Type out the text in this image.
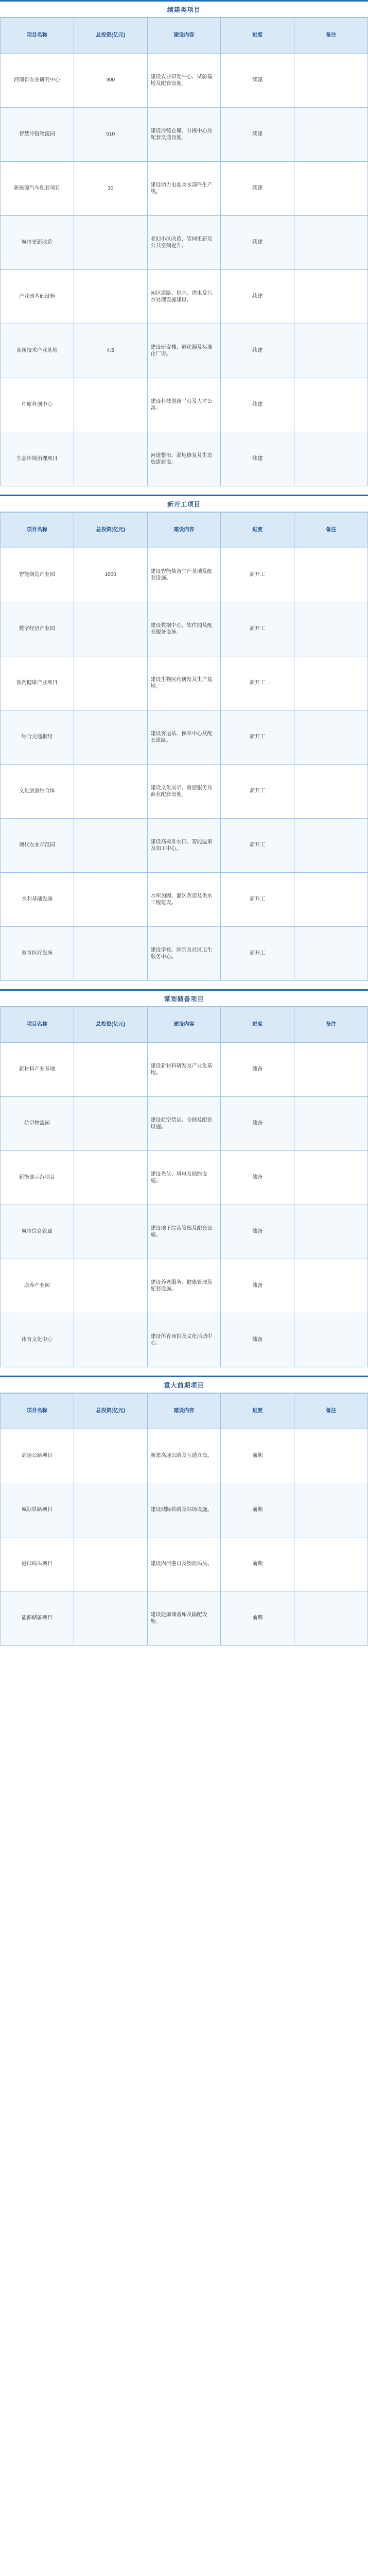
续建类项目
项目名称	总投资(亿元)	建设内容	进度	备注
河南省农业研究中心	300	建设农业研发中心、试验基地及配套设施。	续建	
智慧冷链物流园	510	建设冷链仓储、分拣中心及配套交通设施。	续建	
新能源汽车配套项目	30	建设动力电池及零部件生产线。	续建	
城市更新改造		老旧小区改造、管网更新及公共空间提升。	续建	
产业园基础设施		园区道路、供水、供电及污水处理设施建设。	续建	
高新技术产业基地	4.5	建设研发楼、孵化器及标准化厂房。	续建	
中原科创中心		建设科技创新平台及人才公寓。	续建	
生态环境治理项目		河道整治、湿地修复及生态廊道建设。	续建	
新开工项目
项目名称	总投资(亿元)	建设内容	进度	备注
智能制造产业园	1000	建设智能装备生产基地及配套设施。	新开工	
数字经济产业园		建设数据中心、软件园及配套服务设施。	新开工	
医药健康产业项目		建设生物医药研发及生产基地。	新开工	
综合交通枢纽		建设客运站、换乘中心及配套道路。	新开工	
文化旅游综合体		建设文化展示、旅游服务及商业配套设施。	新开工	
现代农业示范园		建设高标准农田、智能温室及加工中心。	新开工	
水利基础设施		水库加固、灌区改造及供水工程建设。	新开工	
教育医疗设施		建设学校、医院及社区卫生服务中心。	新开工	
谋划储备项目
项目名称	总投资(亿元)	建设内容	进度	备注
新材料产业基地		建设新材料研发及产业化基地。	储备	
航空物流园		建设航空货运、仓储及配套设施。	储备	
新能源示范项目		建设光伏、风电及储能设施。	储备	
城市综合管廊		建设地下综合管廊及配套设施。	储备	
康养产业园		建设养老服务、健康管理及配套设施。	储备	
体育文化中心		建设体育场馆及文化活动中心。	储备	
重大前期项目
项目名称	总投资(亿元)	建设内容	进度	备注
高速公路项目		新建高速公路及互通立交。	前期	
城际铁路项目		建设城际铁路及站场设施。	前期	
港口码头项目		建设内河港口及物流码头。	前期	
能源储备项目		建设能源储备库及输配设施。	前期	
